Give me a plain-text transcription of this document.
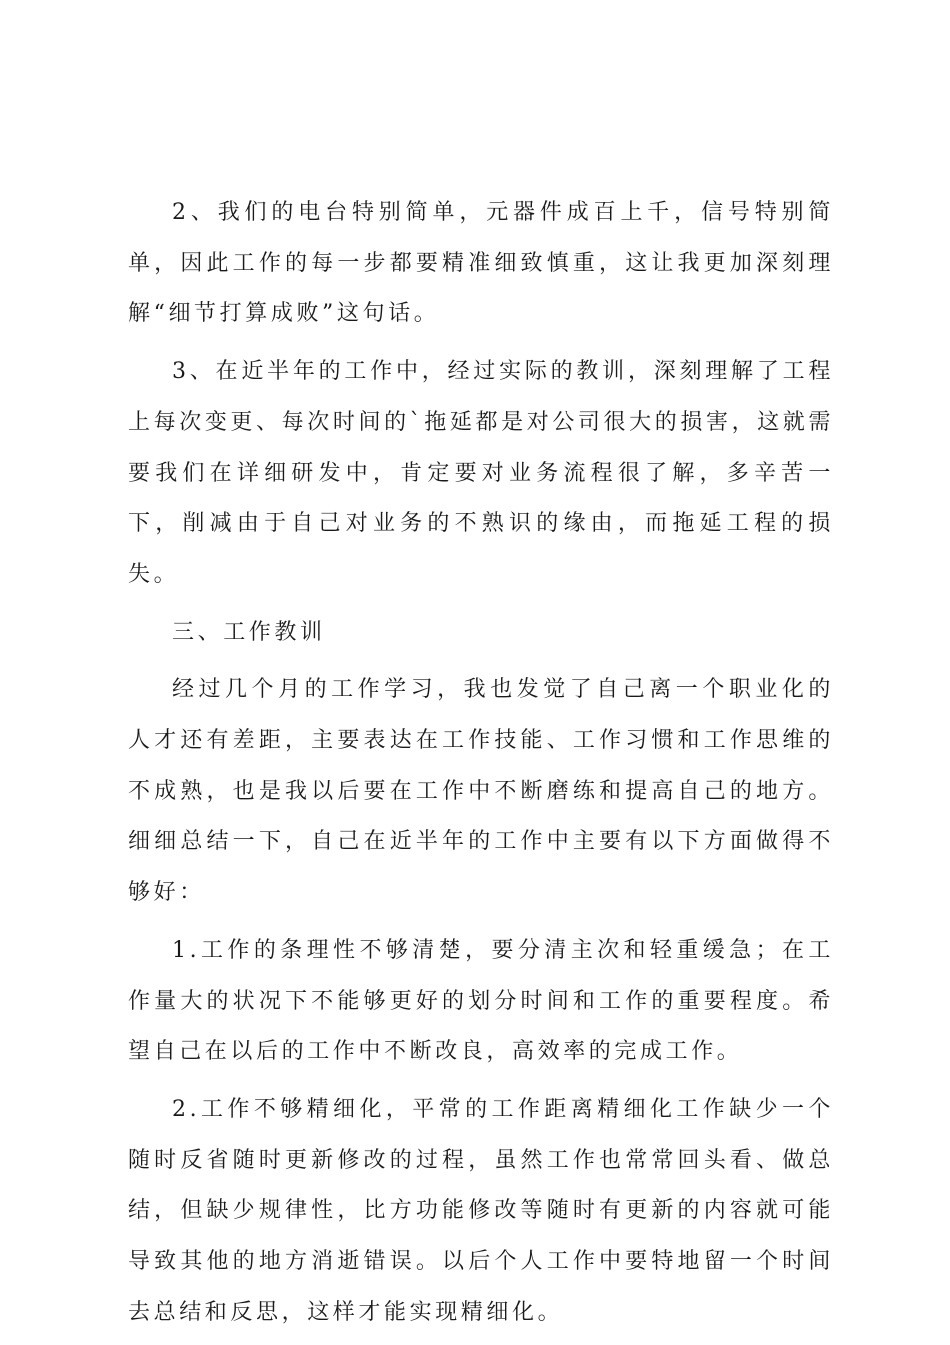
2、我们的电台特别简单，元器件成百上千，信号特别简单，因此工作的每一步都要精准细致慎重，这让我更加深刻理解“细节打算成败”这句话。

3、在近半年的工作中，经过实际的教训，深刻理解了工程上每次变更、每次时间的`拖延都是对公司很大的损害，这就需要我们在详细研发中，肯定要对业务流程很了解，多辛苦一下，削减由于自己对业务的不熟识的缘由，而拖延工程的损失。

三、工作教训

经过几个月的工作学习，我也发觉了自己离一个职业化的人才还有差距，主要表达在工作技能、工作习惯和工作思维的不成熟，也是我以后要在工作中不断磨练和提高自己的地方。细细总结一下，自己在近半年的工作中主要有以下方面做得不够好：

1.工作的条理性不够清楚，要分清主次和轻重缓急；在工作量大的状况下不能够更好的划分时间和工作的重要程度。希望自己在以后的工作中不断改良，高效率的完成工作。

2.工作不够精细化，平常的工作距离精细化工作缺少一个随时反省随时更新修改的过程，虽然工作也常常回头看、做总结，但缺少规律性，比方功能修改等随时有更新的内容就可能导致其他的地方消逝错误。以后个人工作中要特地留一个时间去总结和反思，这样才能实现精细化。
